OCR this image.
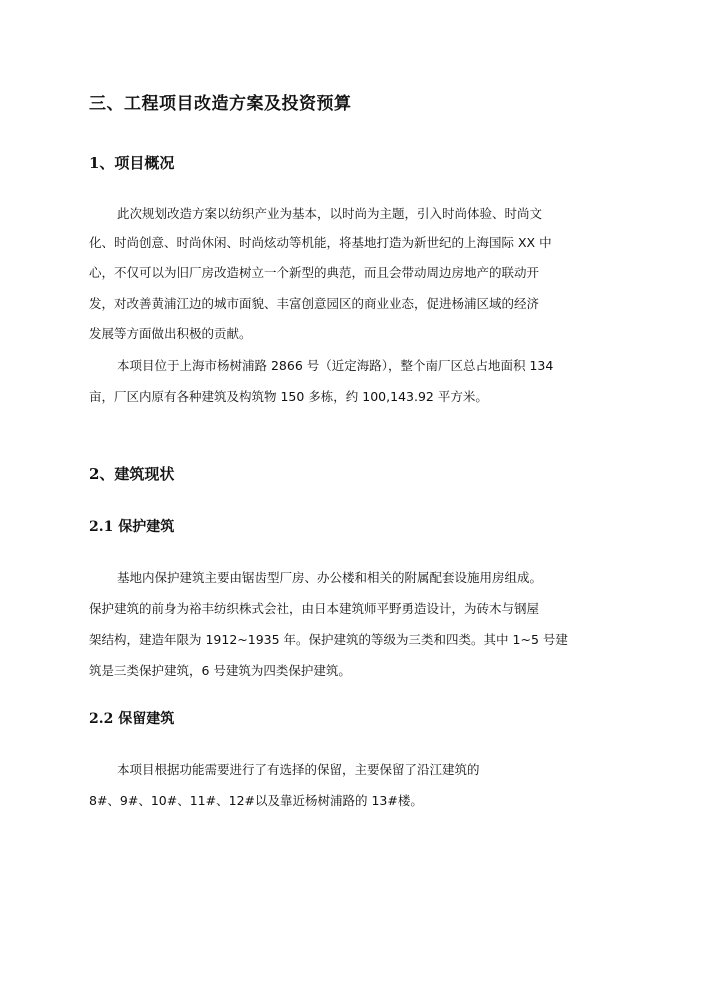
三、工程项目改造方案及投资预算
1、项目概况
此次规划改造方案以纺织产业为基本，以时尚为主题，引入时尚体验、时尚文
化、时尚创意、时尚休闲、时尚炫动等机能，将基地打造为新世纪的上海国际 XX 中
心，不仅可以为旧厂房改造树立一个新型的典范，而且会带动周边房地产的联动开
发，对改善黄浦江边的城市面貌、丰富创意园区的商业业态，促进杨浦区域的经济
发展等方面做出积极的贡献。
本项目位于上海市杨树浦路 2866 号（近定海路），整个南厂区总占地面积 134
亩，厂区内原有各种建筑及构筑物 150 多栋，约 100,143.92 平方米。
2、建筑现状
2.1 保护建筑
基地内保护建筑主要由锯齿型厂房、办公楼和相关的附属配套设施用房组成。
保护建筑的前身为裕丰纺织株式会社，由日本建筑师平野勇造设计，为砖木与钢屋
架结构，建造年限为 1912~1935 年。保护建筑的等级为三类和四类。其中 1~5 号建
筑是三类保护建筑，6 号建筑为四类保护建筑。
2.2 保留建筑
本项目根据功能需要进行了有选择的保留，主要保留了沿江建筑的
8#、9#、10#、11#、12#以及靠近杨树浦路的 13#楼。
